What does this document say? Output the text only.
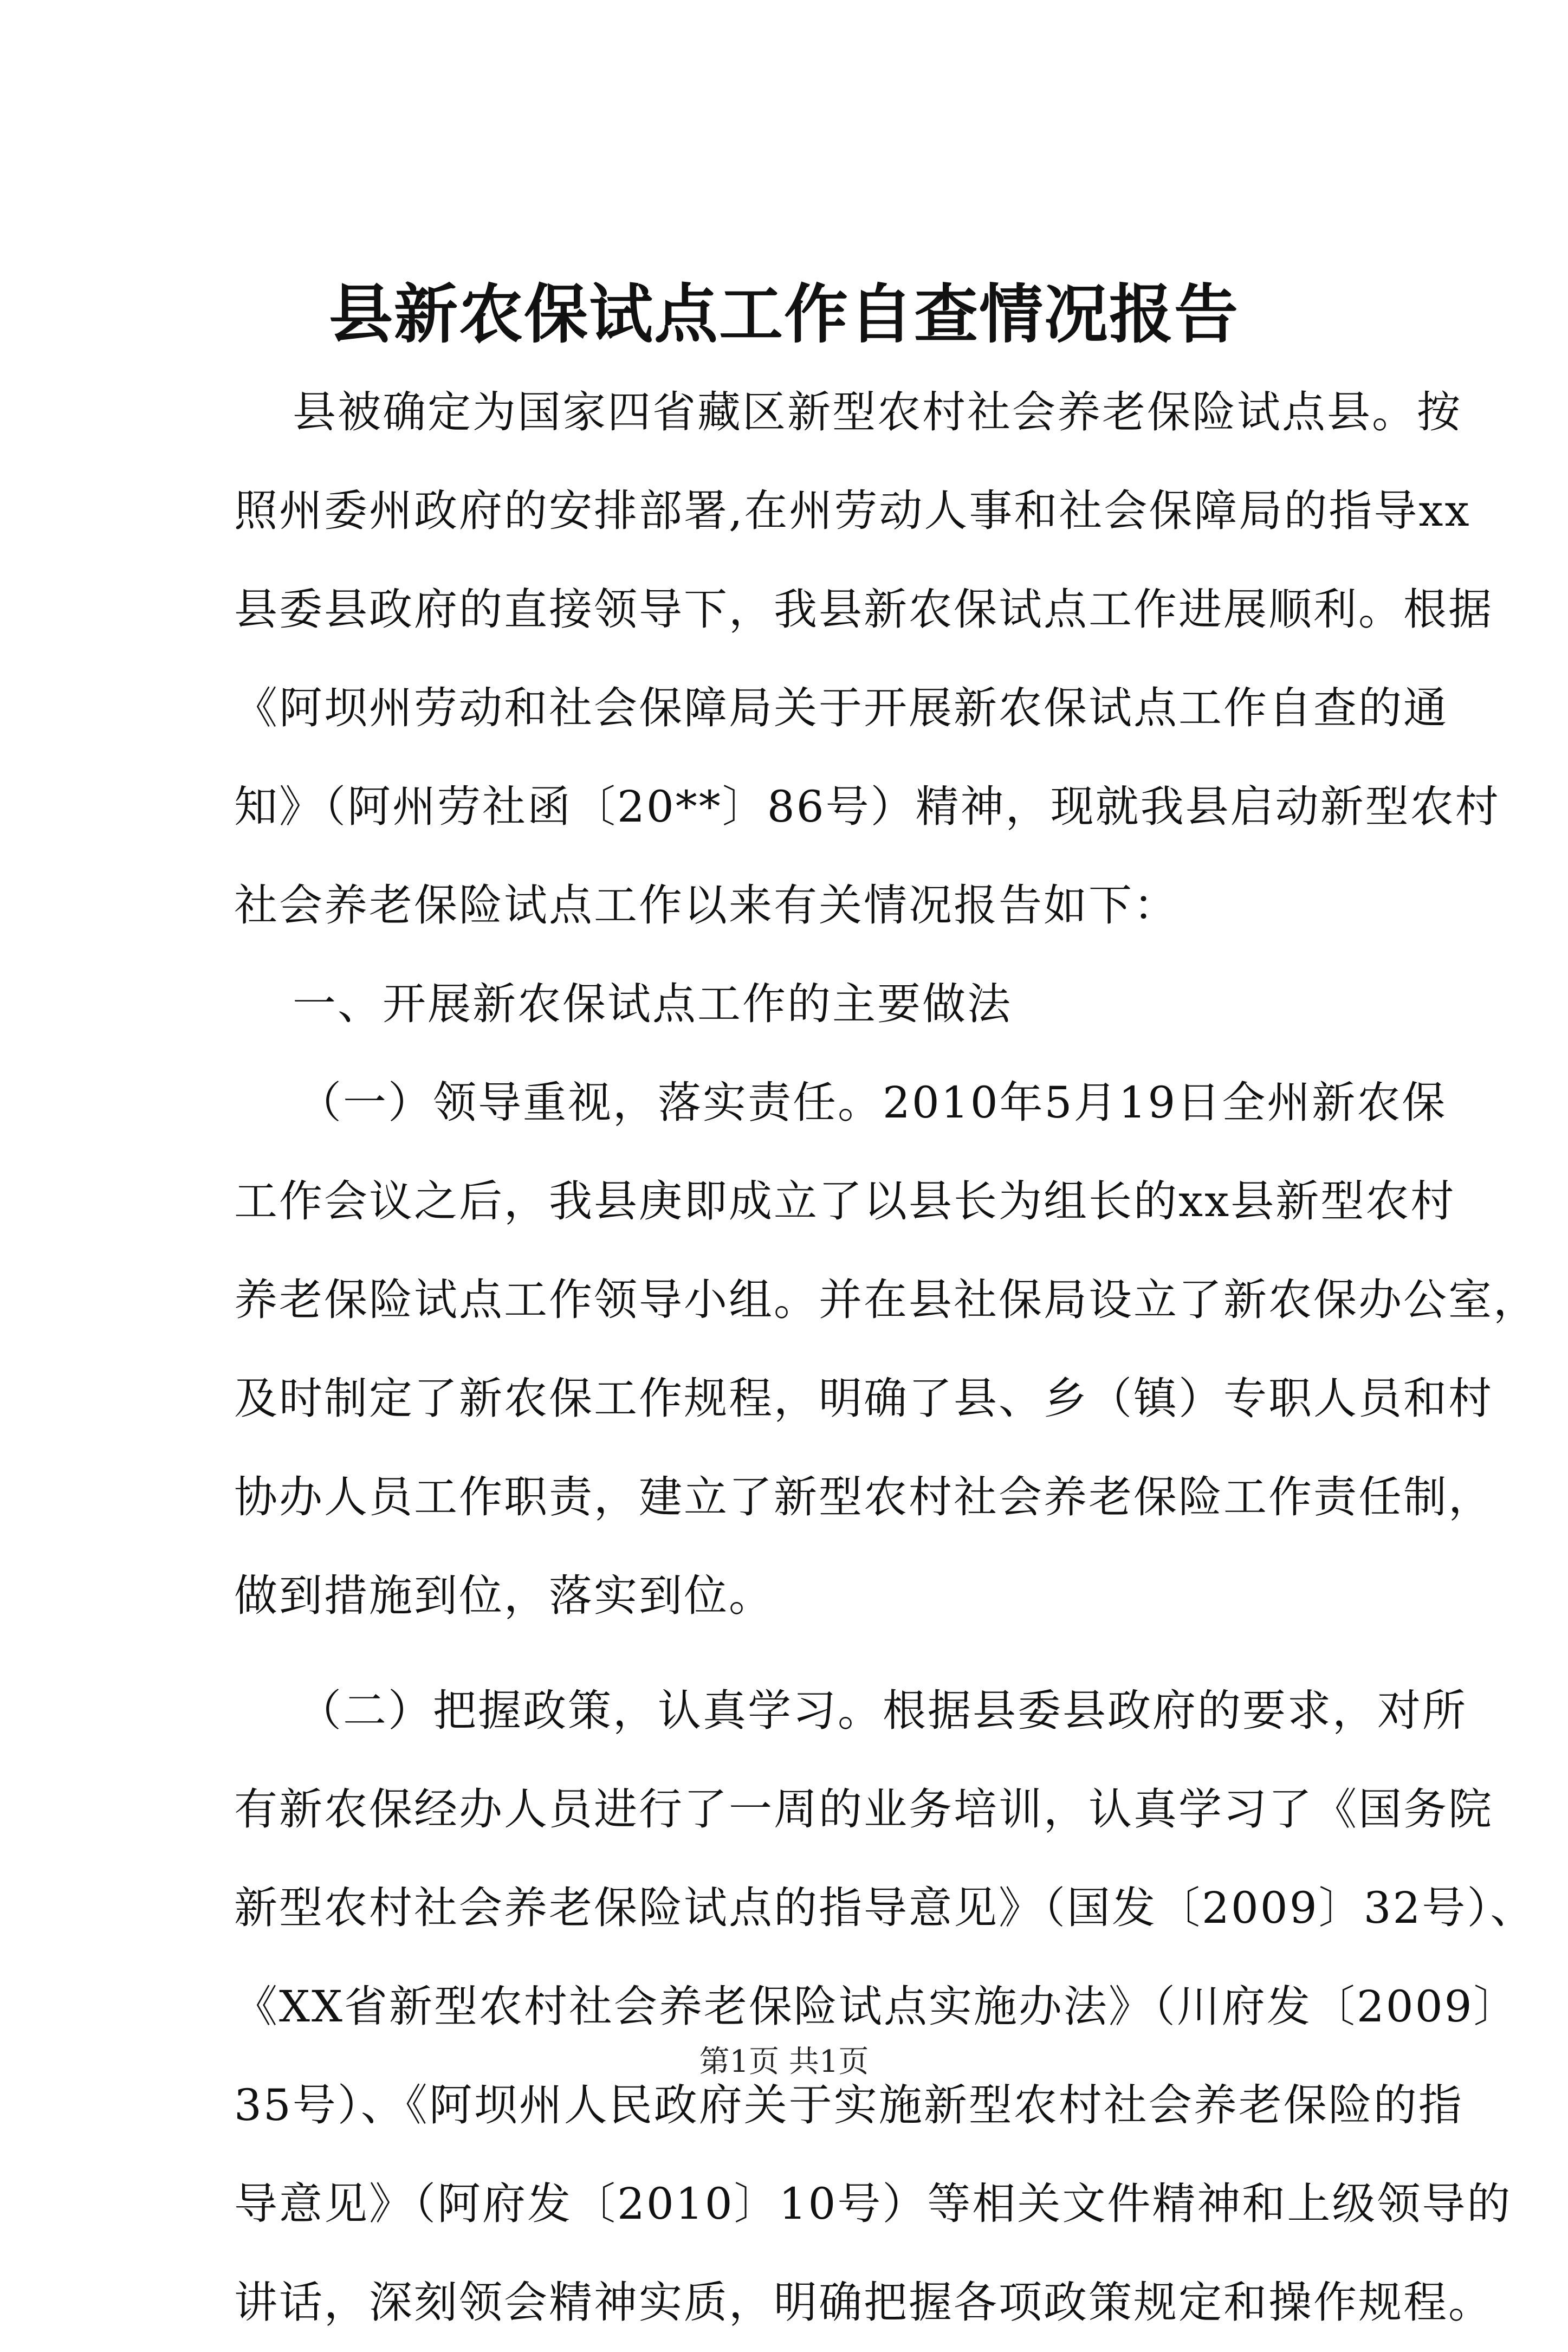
县新农保试点工作自查情况报告
县被确定为国家四省藏区新型农村社会养老保险试点县。按
照州委州政府的安排部署,在州劳动人事和社会保障局的指导xx
县委县政府的直接领导下，我县新农保试点工作进展顺利。根据
《阿坝州劳动和社会保障局关于开展新农保试点工作自查的通
知》（阿州劳社函〔20**〕86号）精神，现就我县启动新型农村
社会养老保险试点工作以来有关情况报告如下：
一、开展新农保试点工作的主要做法
（一）领导重视，落实责任。2010年5月19日全州新农保
工作会议之后，我县庚即成立了以县长为组长的xx县新型农村
养老保险试点工作领导小组。并在县社保局设立了新农保办公室，
及时制定了新农保工作规程，明确了县、乡（镇）专职人员和村
协办人员工作职责，建立了新型农村社会养老保险工作责任制，
做到措施到位，落实到位。
（二）把握政策，认真学习。根据县委县政府的要求，对所
有新农保经办人员进行了一周的业务培训，认真学习了《国务院
新型农村社会养老保险试点的指导意见》（国发〔2009〕32号）、
《XX省新型农村社会养老保险试点实施办法》（川府发〔2009〕
35号）、《阿坝州人民政府关于实施新型农村社会养老保险的指
导意见》（阿府发〔2010〕10号）等相关文件精神和上级领导的
讲话，深刻领会精神实质，明确把握各项政策规定和操作规程。
第1页 共1页
